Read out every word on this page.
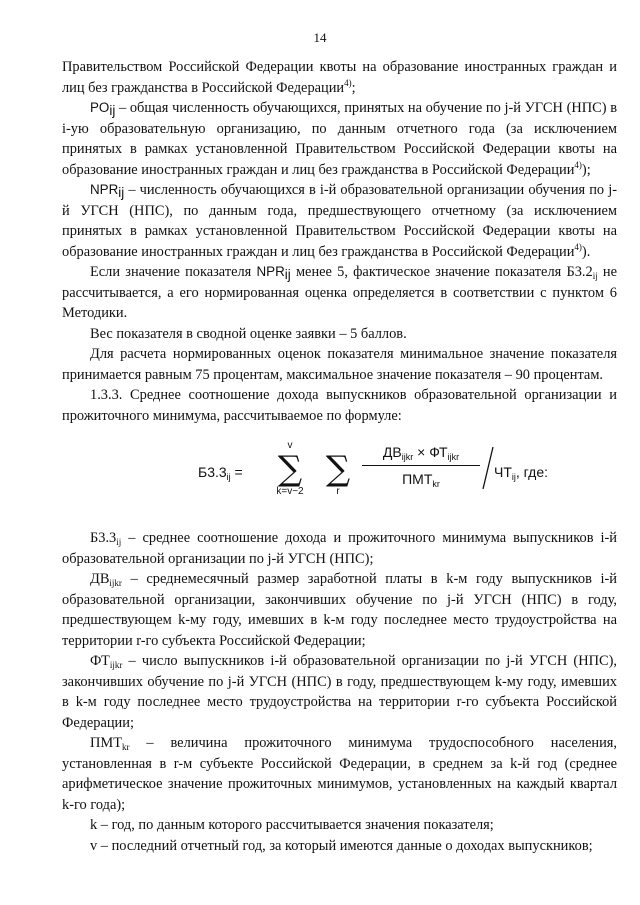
14

Правительством Российской Федерации квоты на образование иностранных граждан и лиц без гражданства в Российской Федерации$^{4)}$;

$PO_{ij}$ – общая численность обучающихся, принятых на обучение по j-й УГСН (НПС) в i-ую образовательную организацию, по данным отчетного года (за исключением принятых в рамках установленной Правительством Российской Федерации квоты на образование иностранных граждан и лиц без гражданства в Российской Федерации$^{4)}$);

$NPR_{ij}$ – численность обучающихся в i-й образовательной организации обучения по j-й УГСН (НПС), по данным года, предшествующего отчетному (за исключением принятых в рамках установленной Правительством Российской Федерации квоты на образование иностранных граждан и лиц без гражданства в Российской Федерации$^{4)}$).

Если значение показателя $NPR_{ij}$ менее 5, фактическое значение показателя $Б3.2_{ij}$ не рассчитывается, а его нормированная оценка определяется в соответствии с пунктом 6 Методики.

Вес показателя в сводной оценке заявки – 5 баллов.

Для расчета нормированных оценок показателя минимальное значение показателя принимается равным 75 процентам, максимальное значение показателя – 90 процентам.

1.3.3. Среднее соотношение дохода выпускников образовательной организации и прожиточного минимума, рассчитываемое по формуле:

$Б3.3_{ij}$ =
v
∑
k=v−2
∑
r
$ДВ_{ijkr} \times ФТ_{ijkr}$
$ПМТ_{kr}$
$ЧТ_{ij}$, где:

$Б3.3_{ij}$ – среднее соотношение дохода и прожиточного минимума выпускников i-й образовательной организации по j-й УГСН (НПС);

$ДВ_{ijkr}$ – среднемесячный размер заработной платы в k-м году выпускников i-й образовательной организации, закончивших обучение по j-й УГСН (НПС) в году, предшествующем k-му году, имевших в k-м году последнее место трудоустройства на территории r-го субъекта Российской Федерации;

$ФТ_{ijkr}$ – число выпускников i-й образовательной организации по j-й УГСН (НПС), закончивших обучение по j-й УГСН (НПС) в году, предшествующем k-му году, имевших в k-м году последнее место трудоустройства на территории r-го субъекта Российской Федерации;

$ПМТ_{kr}$ – величина прожиточного минимума трудоспособного населения, установленная в r-м субъекте Российской Федерации, в среднем за k-й год (среднее арифметическое значение прожиточных минимумов, установленных на каждый квартал k-го года);

k – год, по данным которого рассчитывается значения показателя;

v – последний отчетный год, за который имеются данные о доходах выпускников;
